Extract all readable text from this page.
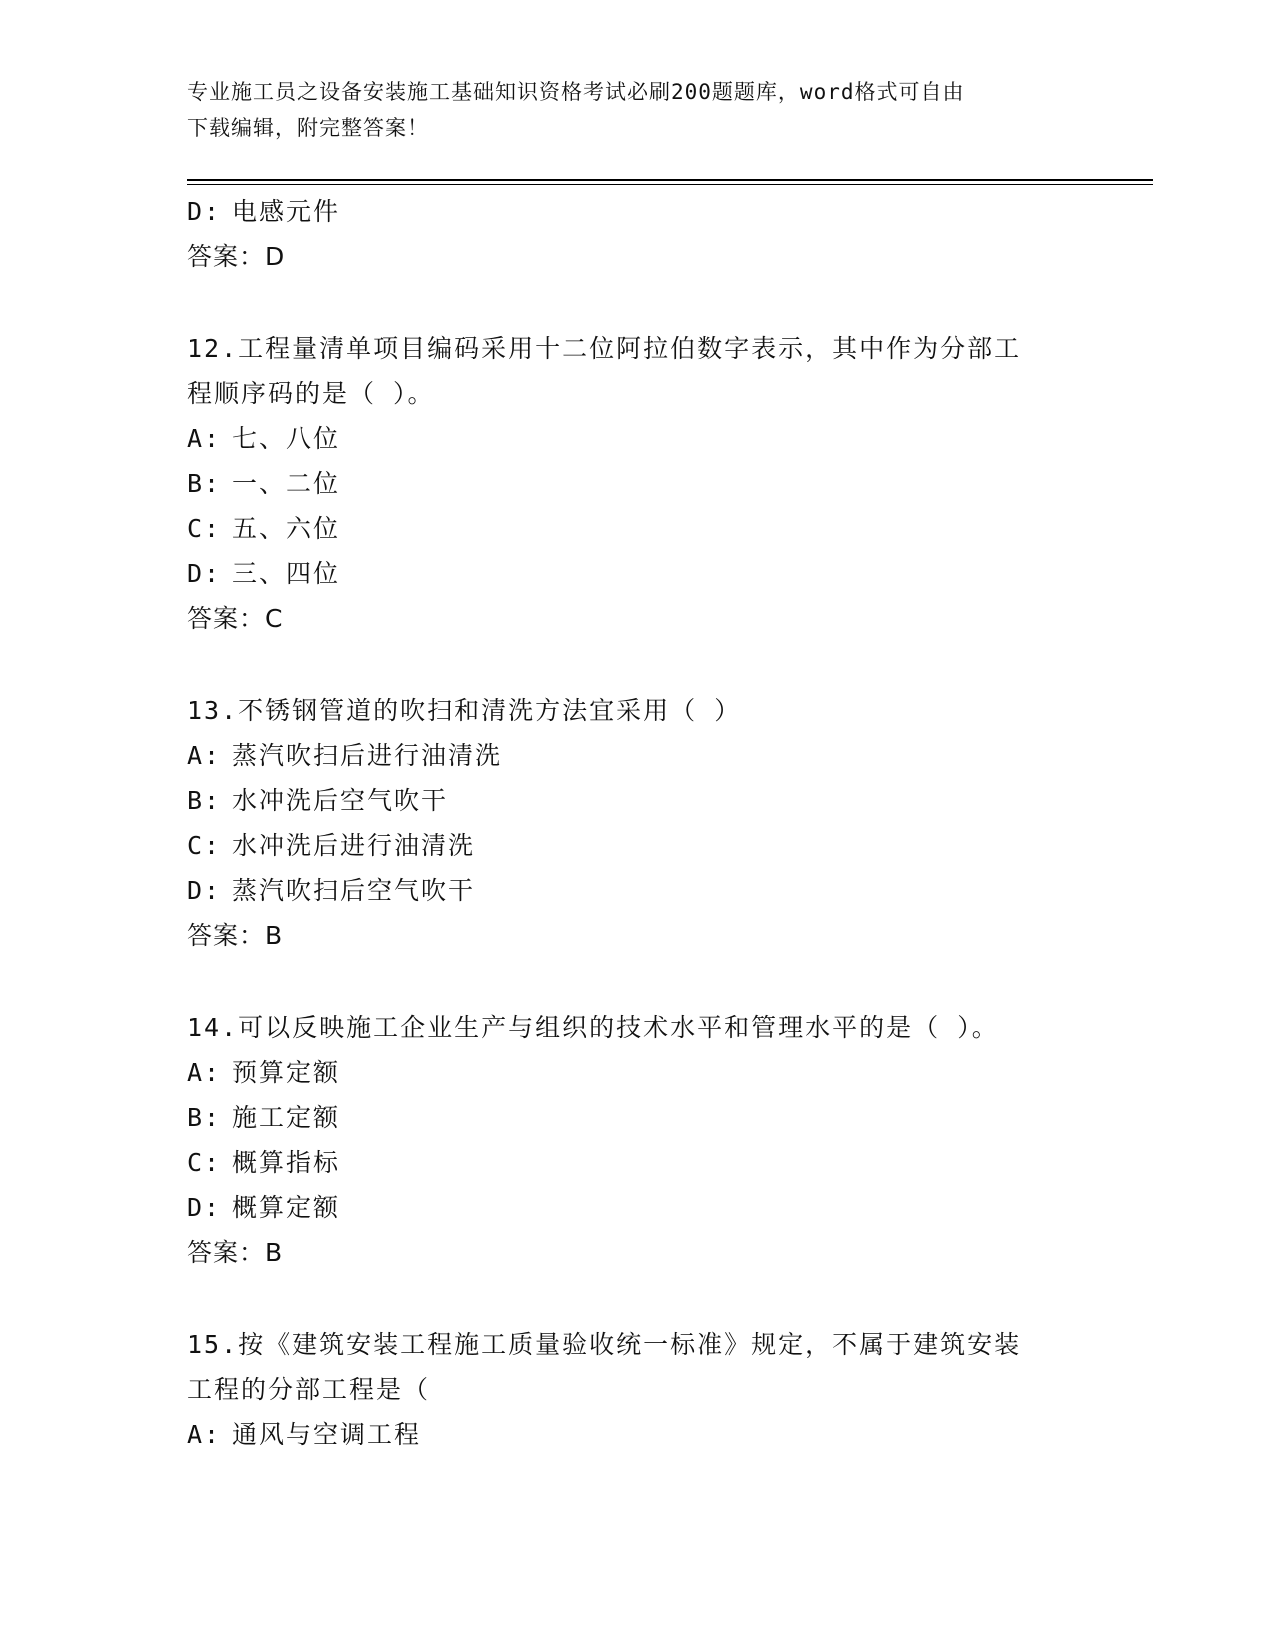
专业施工员之设备安装施工基础知识资格考试必刷200题题库，word格式可自由
下载编辑，附完整答案！
D: 电感元件
答案：D
12.工程量清单项目编码采用十二位阿拉伯数字表示，其中作为分部工
程顺序码的是（ ）。
A: 七、八位
B: 一、二位
C: 五、六位
D: 三、四位
答案：C
13.不锈钢管道的吹扫和清洗方法宜采用（ ）
A: 蒸汽吹扫后进行油清洗
B: 水冲洗后空气吹干
C: 水冲洗后进行油清洗
D: 蒸汽吹扫后空气吹干
答案：B
14.可以反映施工企业生产与组织的技术水平和管理水平的是（ ）。
A: 预算定额
B: 施工定额
C: 概算指标
D: 概算定额
答案：B
15.按《建筑安装工程施工质量验收统一标准》规定，不属于建筑安装
工程的分部工程是（
A: 通风与空调工程
